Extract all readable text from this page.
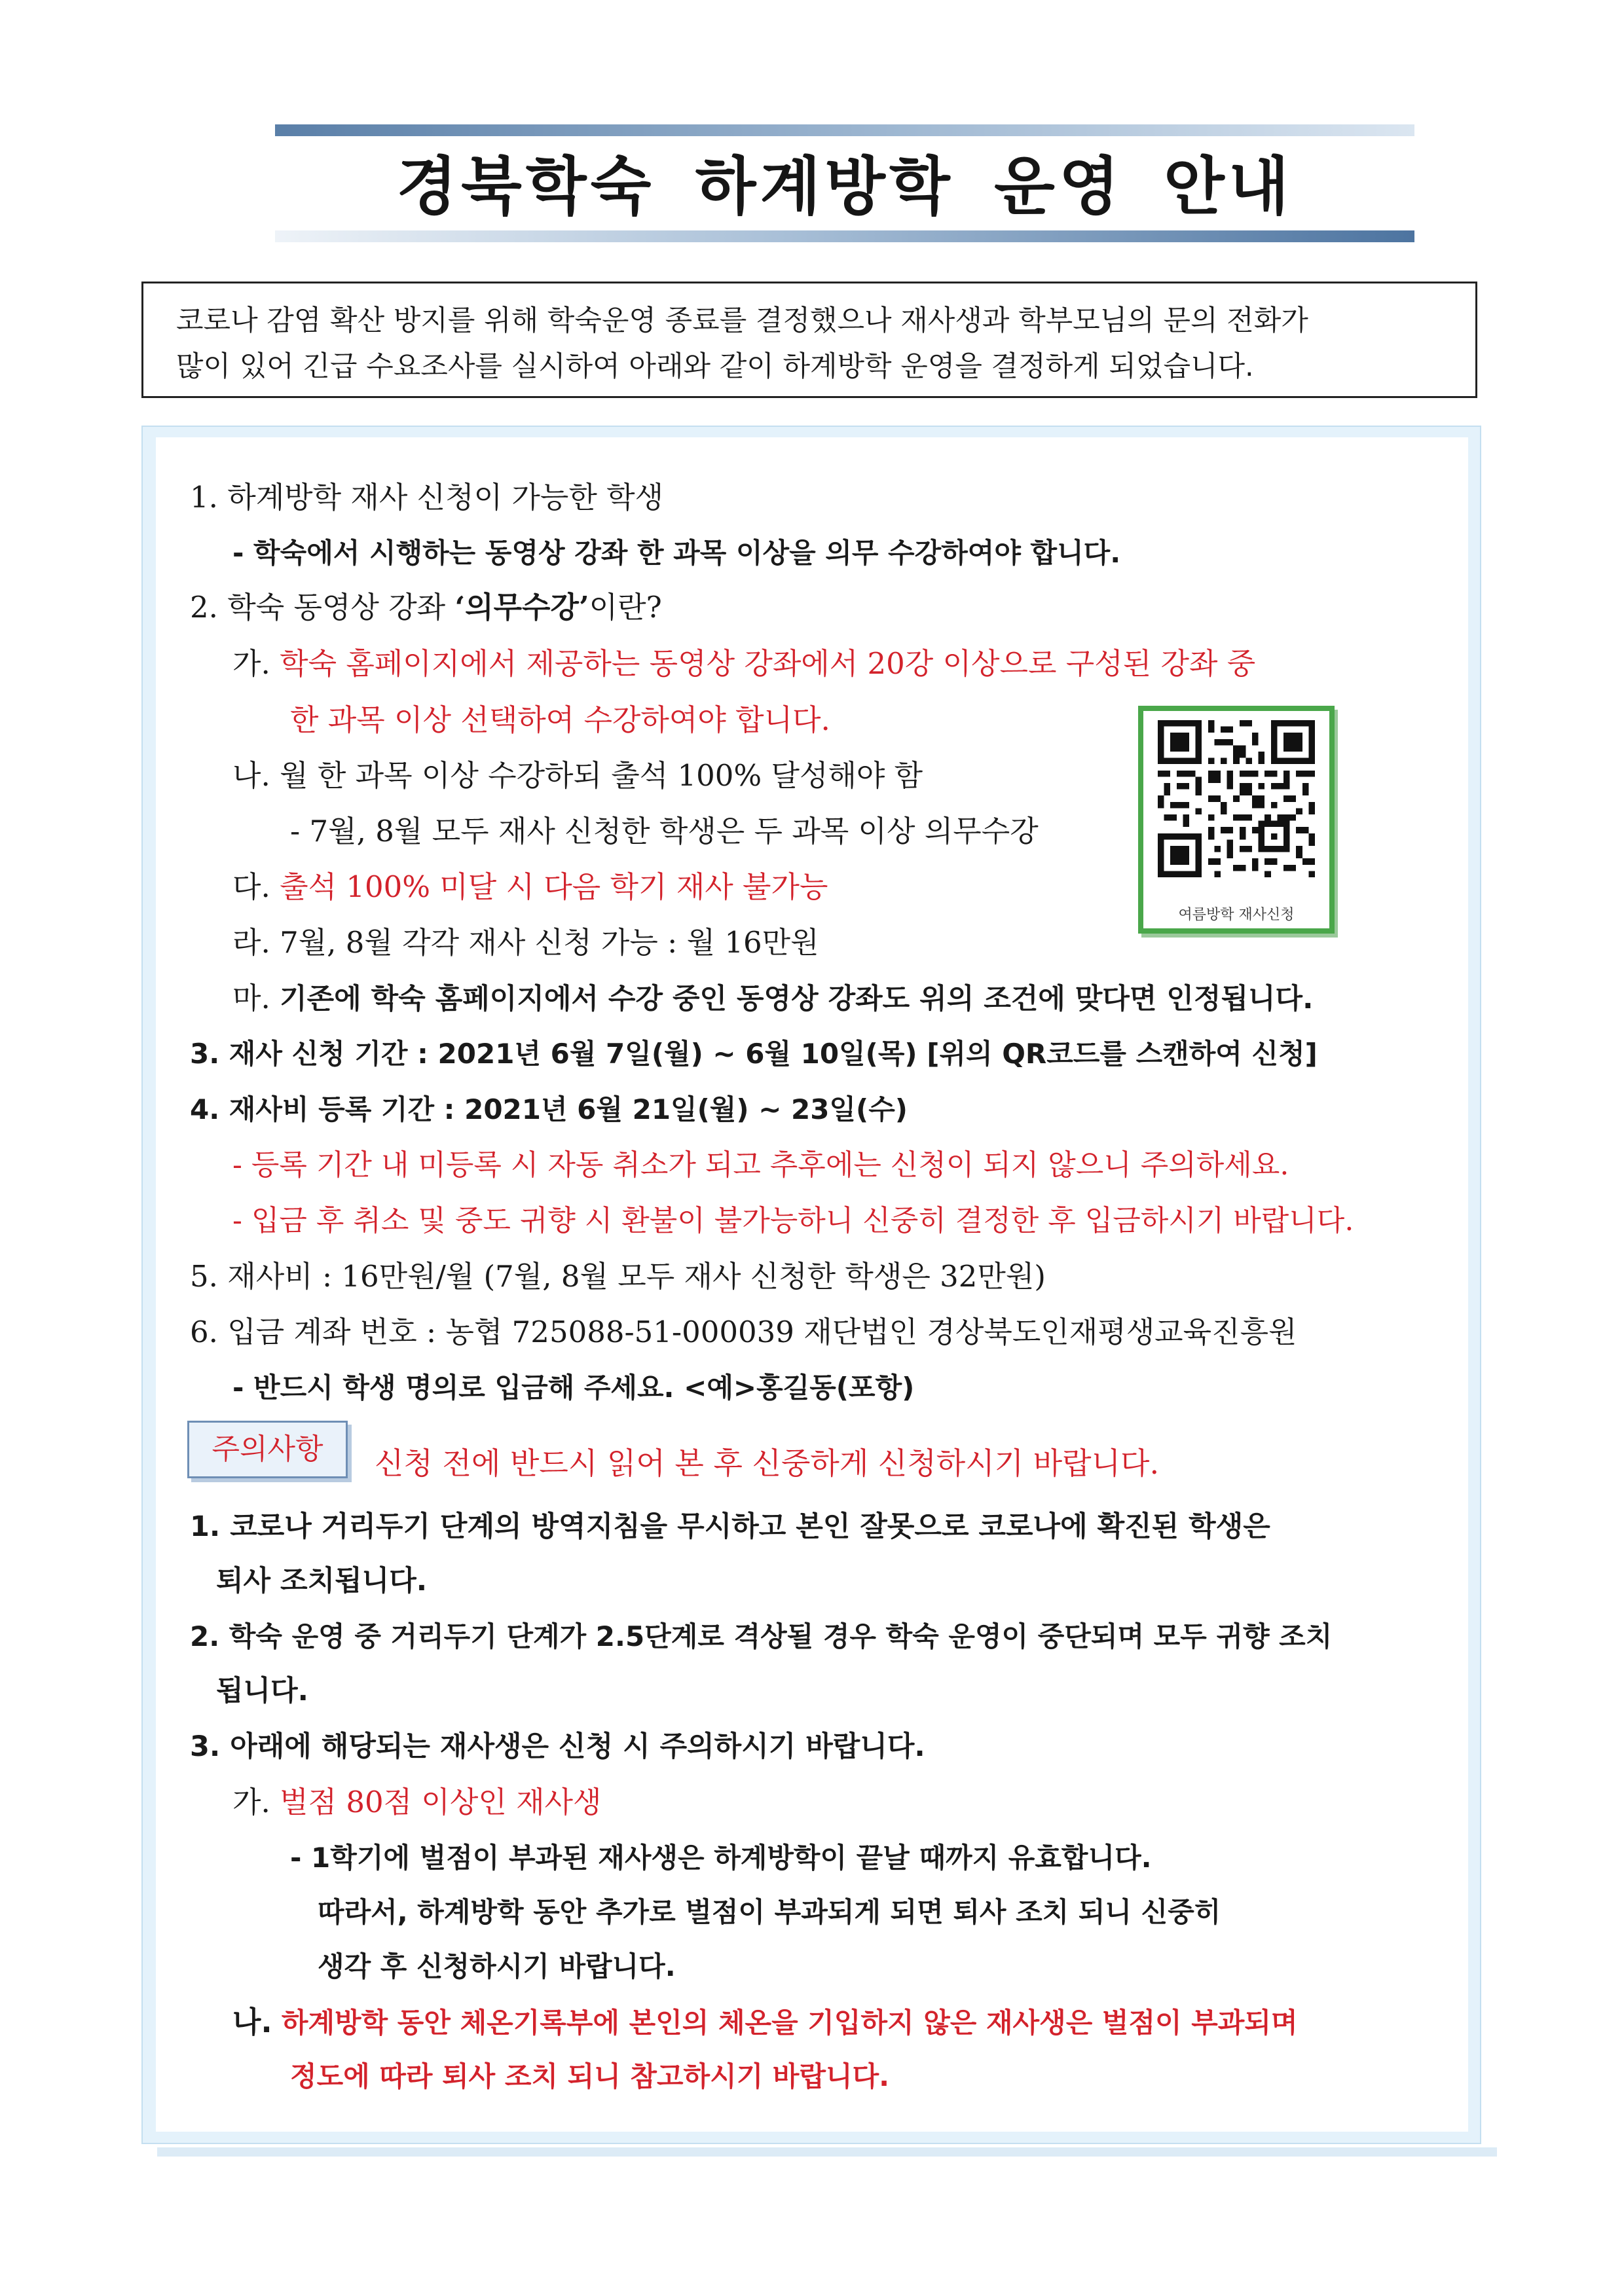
경북학숙 하계방학 운영 안내

코로나 감염 확산 방지를 위해 학숙운영 종료를 결정했으나 재사생과 학부모님의 문의 전화가

많이 있어 긴급 수요조사를 실시하여 아래와 같이 하계방학 운영을 결정하게 되었습니다.

1. 하계방학 재사 신청이 가능한 학생
- 학숙에서 시행하는 동영상 강좌 한 과목 이상을 의무 수강하여야 합니다.
2. 학숙 동영상 강좌 ‘의무수강’이란?
가. 학숙 홈페이지에서 제공하는 동영상 강좌에서 20강 이상으로 구성된 강좌 중
한 과목 이상 선택하여 수강하여야 합니다.
나. 월 한 과목 이상 수강하되 출석 100% 달성해야 함
- 7월, 8월 모두 재사 신청한 학생은 두 과목 이상 의무수강
다. 출석 100% 미달 시 다음 학기 재사 불가능
라. 7월, 8월 각각 재사 신청 가능 : 월 16만원
마. 기존에 학숙 홈페이지에서 수강 중인 동영상 강좌도 위의 조건에 맞다면 인정됩니다.
3. 재사 신청 기간 : 2021년 6월 7일(월) ~ 6월 10일(목) [위의 QR코드를 스캔하여 신청]
4. 재사비 등록 기간 : 2021년 6월 21일(월) ~ 23일(수)
- 등록 기간 내 미등록 시 자동 취소가 되고 추후에는 신청이 되지 않으니 주의하세요.
- 입금 후 취소 및 중도 귀향 시 환불이 불가능하니 신중히 결정한 후 입금하시기 바랍니다.
5. 재사비 : 16만원/월 (7월, 8월 모두 재사 신청한 학생은 32만원)
6. 입금 계좌 번호 : 농협 725088-51-000039 재단법인 경상북도인재평생교육진흥원
- 반드시 학생 명의로 입금해 주세요. <예>홍길동(포항)
여름방학 재사신청
주의사항	신청 전에 반드시 읽어 본 후 신중하게 신청하시기 바랍니다.
1. 코로나 거리두기 단계의 방역지침을 무시하고 본인 잘못으로 코로나에 확진된 학생은
퇴사 조치됩니다.
2. 학숙 운영 중 거리두기 단계가 2.5단계로 격상될 경우 학숙 운영이 중단되며 모두 귀향 조치
됩니다.
3. 아래에 해당되는 재사생은 신청 시 주의하시기 바랍니다.
가. 벌점 80점 이상인 재사생
- 1학기에 벌점이 부과된 재사생은 하계방학이 끝날 때까지 유효합니다.
따라서, 하계방학 동안 추가로 벌점이 부과되게 되면 퇴사 조치 되니 신중히
생각 후 신청하시기 바랍니다.
나. 하계방학 동안 체온기록부에 본인의 체온을 기입하지 않은 재사생은 벌점이 부과되며
정도에 따라 퇴사 조치 되니 참고하시기 바랍니다.
